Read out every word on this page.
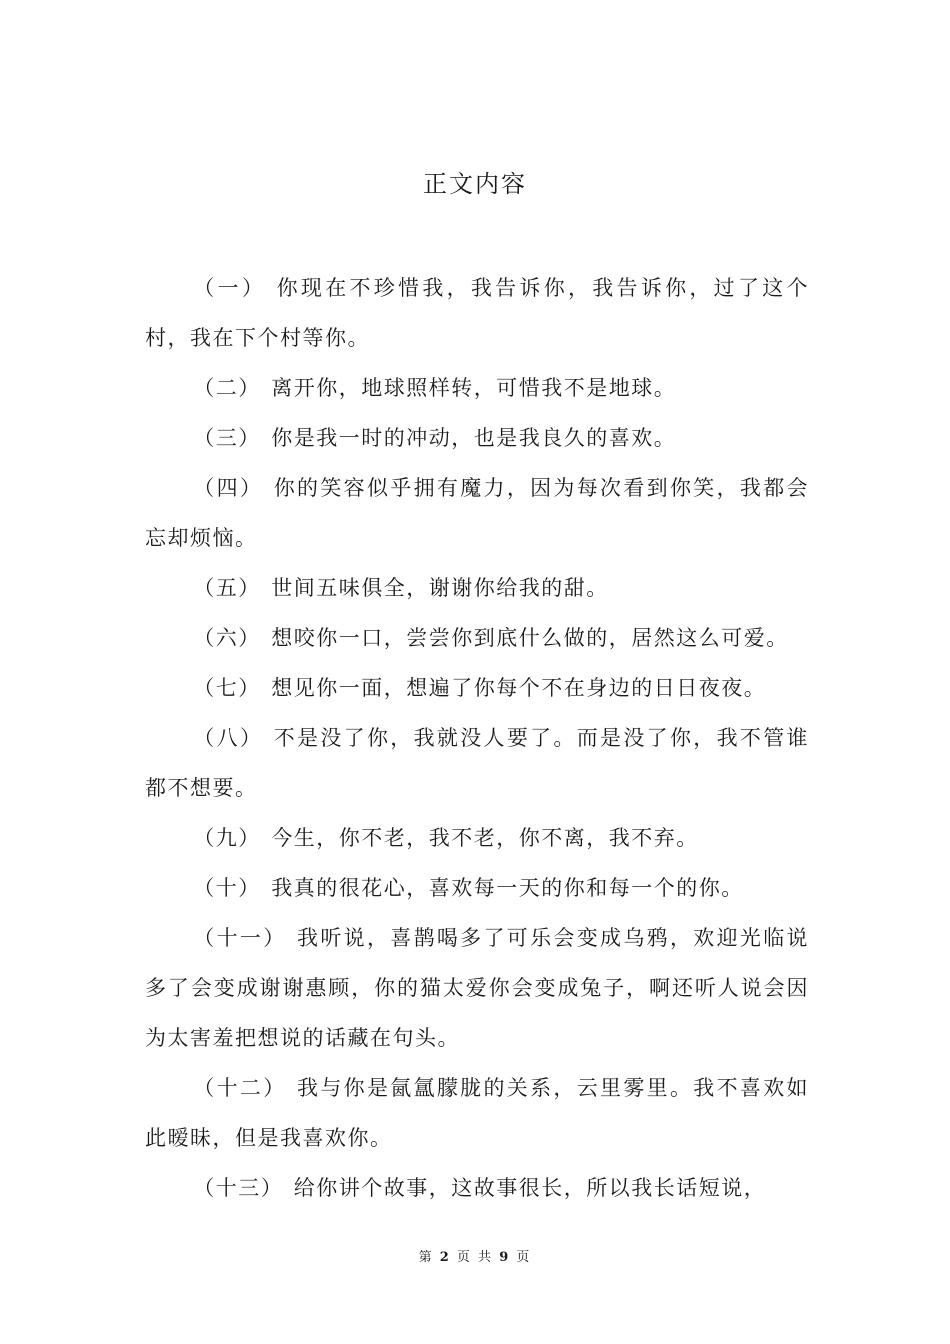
正文内容

（一） 你现在不珍惜我，我告诉你，我告诉你，过了这个村，我在下个村等你。

（二） 离开你，地球照样转，可惜我不是地球。

（三） 你是我一时的冲动，也是我良久的喜欢。

（四） 你的笑容似乎拥有魔力，因为每次看到你笑，我都会忘却烦恼。

（五） 世间五味俱全，谢谢你给我的甜。

（六） 想咬你一口，尝尝你到底什么做的，居然这么可爱。

（七） 想见你一面，想遍了你每个不在身边的日日夜夜。

（八） 不是没了你，我就没人要了。而是没了你，我不管谁都不想要。

（九） 今生，你不老，我不老，你不离，我不弃。

（十） 我真的很花心，喜欢每一天的你和每一个的你。

（十一） 我听说，喜鹊喝多了可乐会变成乌鸦，欢迎光临说多了会变成谢谢惠顾，你的猫太爱你会变成兔子，啊还听人说会因为太害羞把想说的话藏在句头。

（十二） 我与你是氤氲朦胧的关系，云里雾里。我不喜欢如此暧昧，但是我喜欢你。

（十三） 给你讲个故事，这故事很长，所以我长话短说，

第 2 页 共 9 页
